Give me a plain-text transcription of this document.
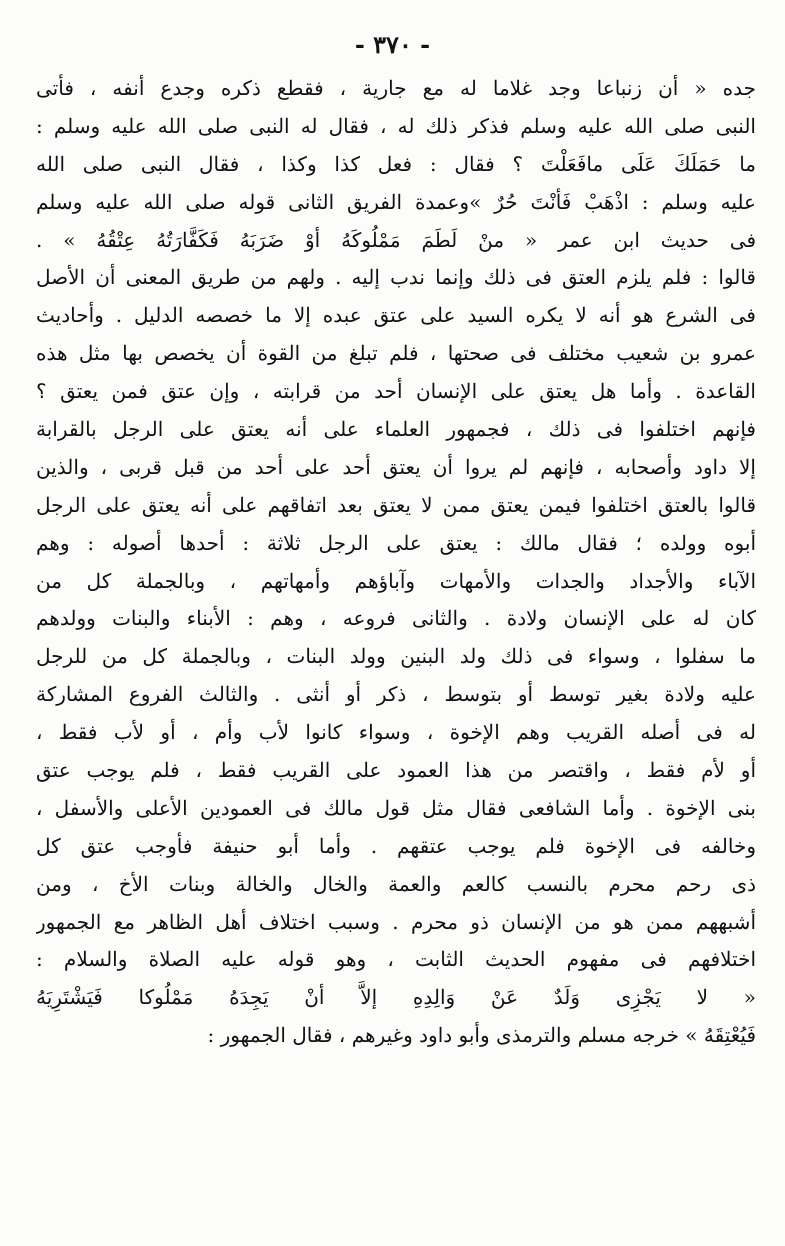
- ٣٧٠ -
جده « أن زنباعا وجد غلاما له مع جارية ، فقطع ذكره وجدع أنفه ، فأتى
النبى صلى الله عليه وسلم فذكر ذلك له ، فقال له النبى صلى الله عليه وسلم :
ما حَمَلَكَ عَلَى مافَعَلْتَ ؟ فقال : فعل كذا وكذا ، فقال النبى صلى الله
عليه وسلم : اذْهَبْ فَأنْتَ حُرٌ »وعمدة الفريق الثانى قوله صلى الله عليه وسلم
فى حديث ابن عمر « منْ لَطَمَ مَمْلُوكَهُ أوْ ضَرَبَهُ فَكَفَّارَتُهُ عِتْقُهُ » .
قالوا : فلم يلزم العتق فى ذلك وإنما ندب إليه . ولهم من طريق المعنى أن الأصل
فى الشرع هو أنه لا يكره السيد على عتق عبده إلا ما خصصه الدليل . وأحاديث
عمرو بن شعيب مختلف فى صحتها ، فلم تبلغ من القوة أن يخصص بها مثل هذه
القاعدة . وأما هل يعتق على الإنسان أحد من قرابته ، وإن عتق فمن يعتق ؟
فإنهم اختلفوا فى ذلك ، فجمهور العلماء على أنه يعتق على الرجل بالقرابة
إلا داود وأصحابه ، فإنهم لم يروا أن يعتق أحد على أحد من قبل قربى ، والذين
قالوا بالعتق اختلفوا فيمن يعتق ممن لا يعتق بعد اتفاقهم على أنه يعتق على الرجل
أبوه وولده ؛ فقال مالك : يعتق على الرجل ثلاثة : أحدها أصوله : وهم
الآباء والأجداد والجدات والأمهات وآباؤهم وأمهاتهم ، وبالجملة كل من
كان له على الإنسان ولادة . والثانى فروعه ، وهم : الأبناء والبنات وولدهم
ما سفلوا ، وسواء فى ذلك ولد البنين وولد البنات ، وبالجملة كل من للرجل
عليه ولادة بغير توسط أو بتوسط ، ذكر أو أنثى . والثالث الفروع المشاركة
له فى أصله القريب وهم الإخوة ، وسواء كانوا لأب وأم ، أو لأب فقط ،
أو لأم فقط ، واقتصر من هذا العمود على القريب فقط ، فلم يوجب عتق
بنى الإخوة . وأما الشافعى فقال مثل قول مالك فى العمودين الأعلى والأسفل ،
وخالفه فى الإخوة فلم يوجب عتقهم . وأما أبو حنيفة فأوجب عتق كل
ذى رحم محرم بالنسب كالعم والعمة والخال والخالة وبنات الأخ ، ومن
أشبههم ممن هو من الإنسان ذو محرم . وسبب اختلاف أهل الظاهر مع الجمهور
اختلافهم فى مفهوم الحديث الثابت ، وهو قوله عليه الصلاة والسلام :
« لا يَجْزِى وَلَدٌ عَنْ وَالِدِهِ إلاَّ أنْ يَجِدَهُ مَمْلُوكا فَيَشْتَرِيَهُ
فَيُعْتِقَهُ » خرجه مسلم والترمذى وأبو داود وغيرهم ، فقال الجمهور :
